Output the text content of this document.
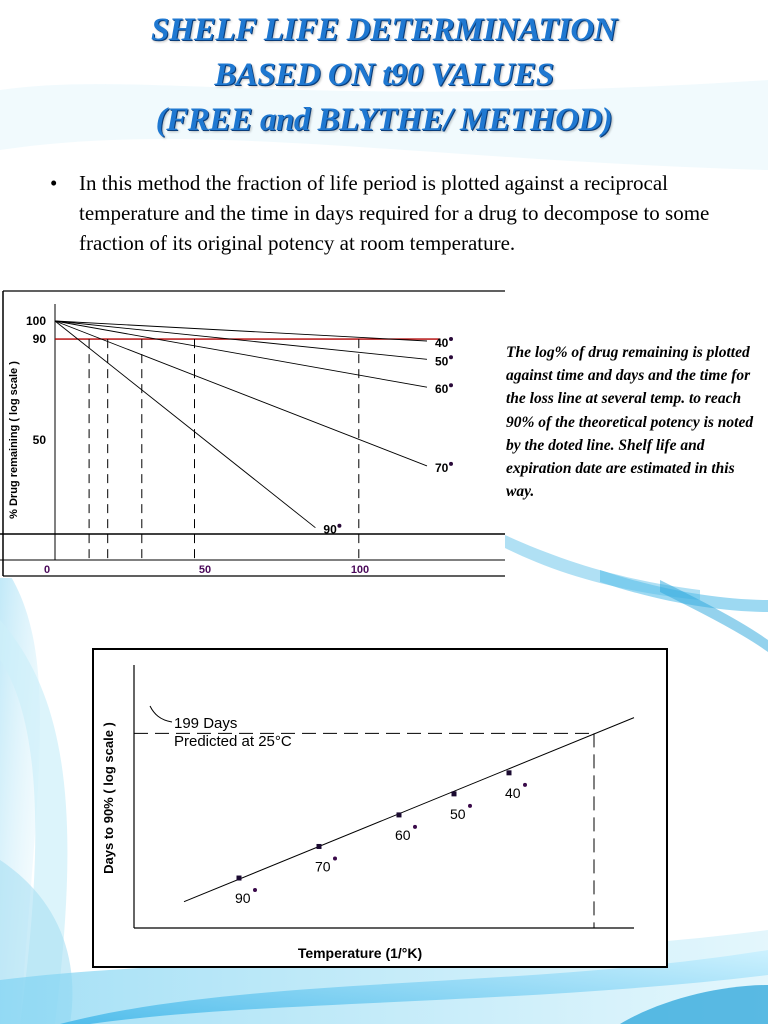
SHELF LIFE DETERMINATION
BASED ON t90 VALUES
(FREE and BLYTHE/ METHOD)
• In this method the fraction of life period is plotted against a reciprocal temperature and the time in days required for a drug to decompose to some fraction of its original potency at room temperature.
% Drug remaining ( log scale )
40
50
60
70
90
100
90
50
0	50	100
The log% of drug remaining is plotted against time and days and the time for the loss line at several temp. to reach 90% of the theoretical potency is noted by the doted line. Shelf life and expiration date are estimated in this way.
Days to 90% ( log scale )
Temperature (1/°K)
199 Days
Predicted at 25°C
90
70
60
50
40
